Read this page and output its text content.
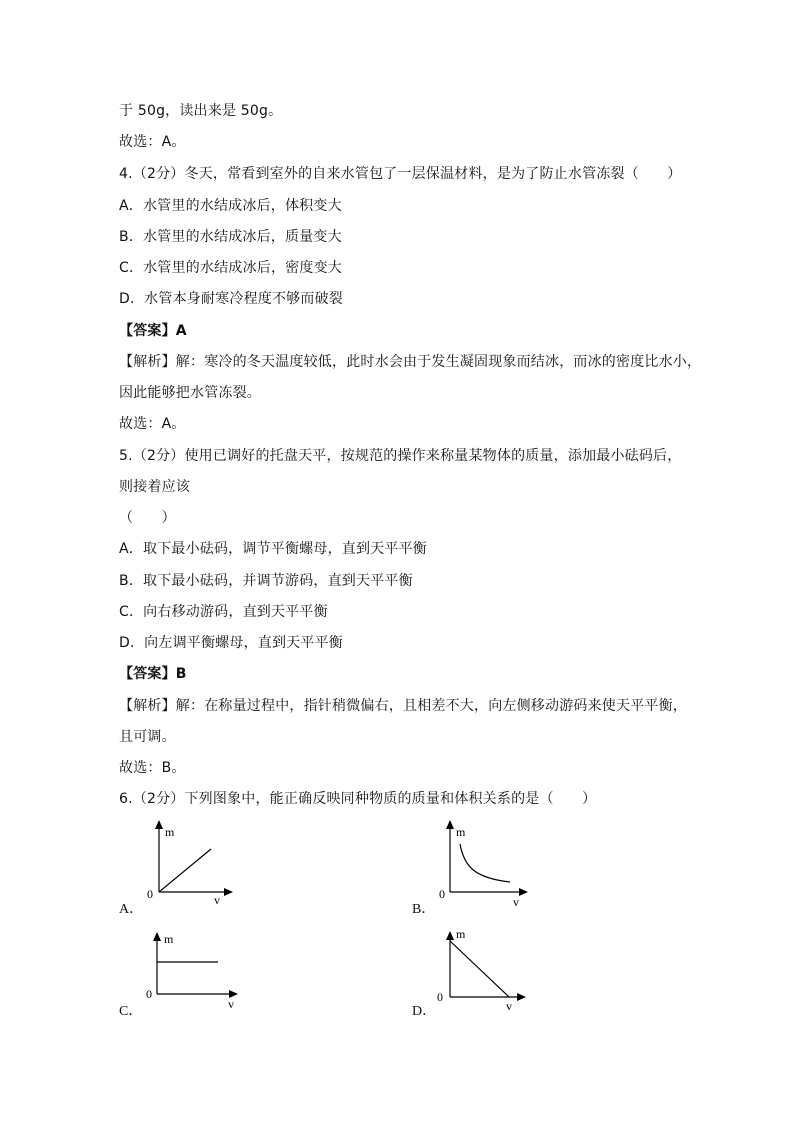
于 50g，读出来是 50g。
故选：A。
4.（2分）冬天，常看到室外的自来水管包了一层保温材料，是为了防止水管冻裂（　　）
A．水管里的水结成冰后，体积变大
B．水管里的水结成冰后，质量变大
C．水管里的水结成冰后，密度变大
D．水管本身耐寒冷程度不够而破裂
【答案】A
【解析】解：寒冷的冬天温度较低，此时水会由于发生凝固现象而结冰，而冰的密度比水小，
因此能够把水管冻裂。
故选：A。
5.（2分）使用已调好的托盘天平，按规范的操作来称量某物体的质量，添加最小砝码后，
则接着应该
（　　）
A．取下最小砝码，调节平衡螺母，直到天平平衡
B．取下最小砝码，并调节游码，直到天平平衡
C．向右移动游码，直到天平平衡
D．向左调平衡螺母，直到天平平衡
【答案】B
【解析】解：在称量过程中，指针稍微偏右，且相差不大，向左侧移动游码来使天平平衡，
且可调。
故选：B。
6.（2分）下列图象中，能正确反映同种物质的质量和体积关系的是（　　）
A．
m
0	v
B．
m
0
v
C．
m
0
v	D．
m
0
v
